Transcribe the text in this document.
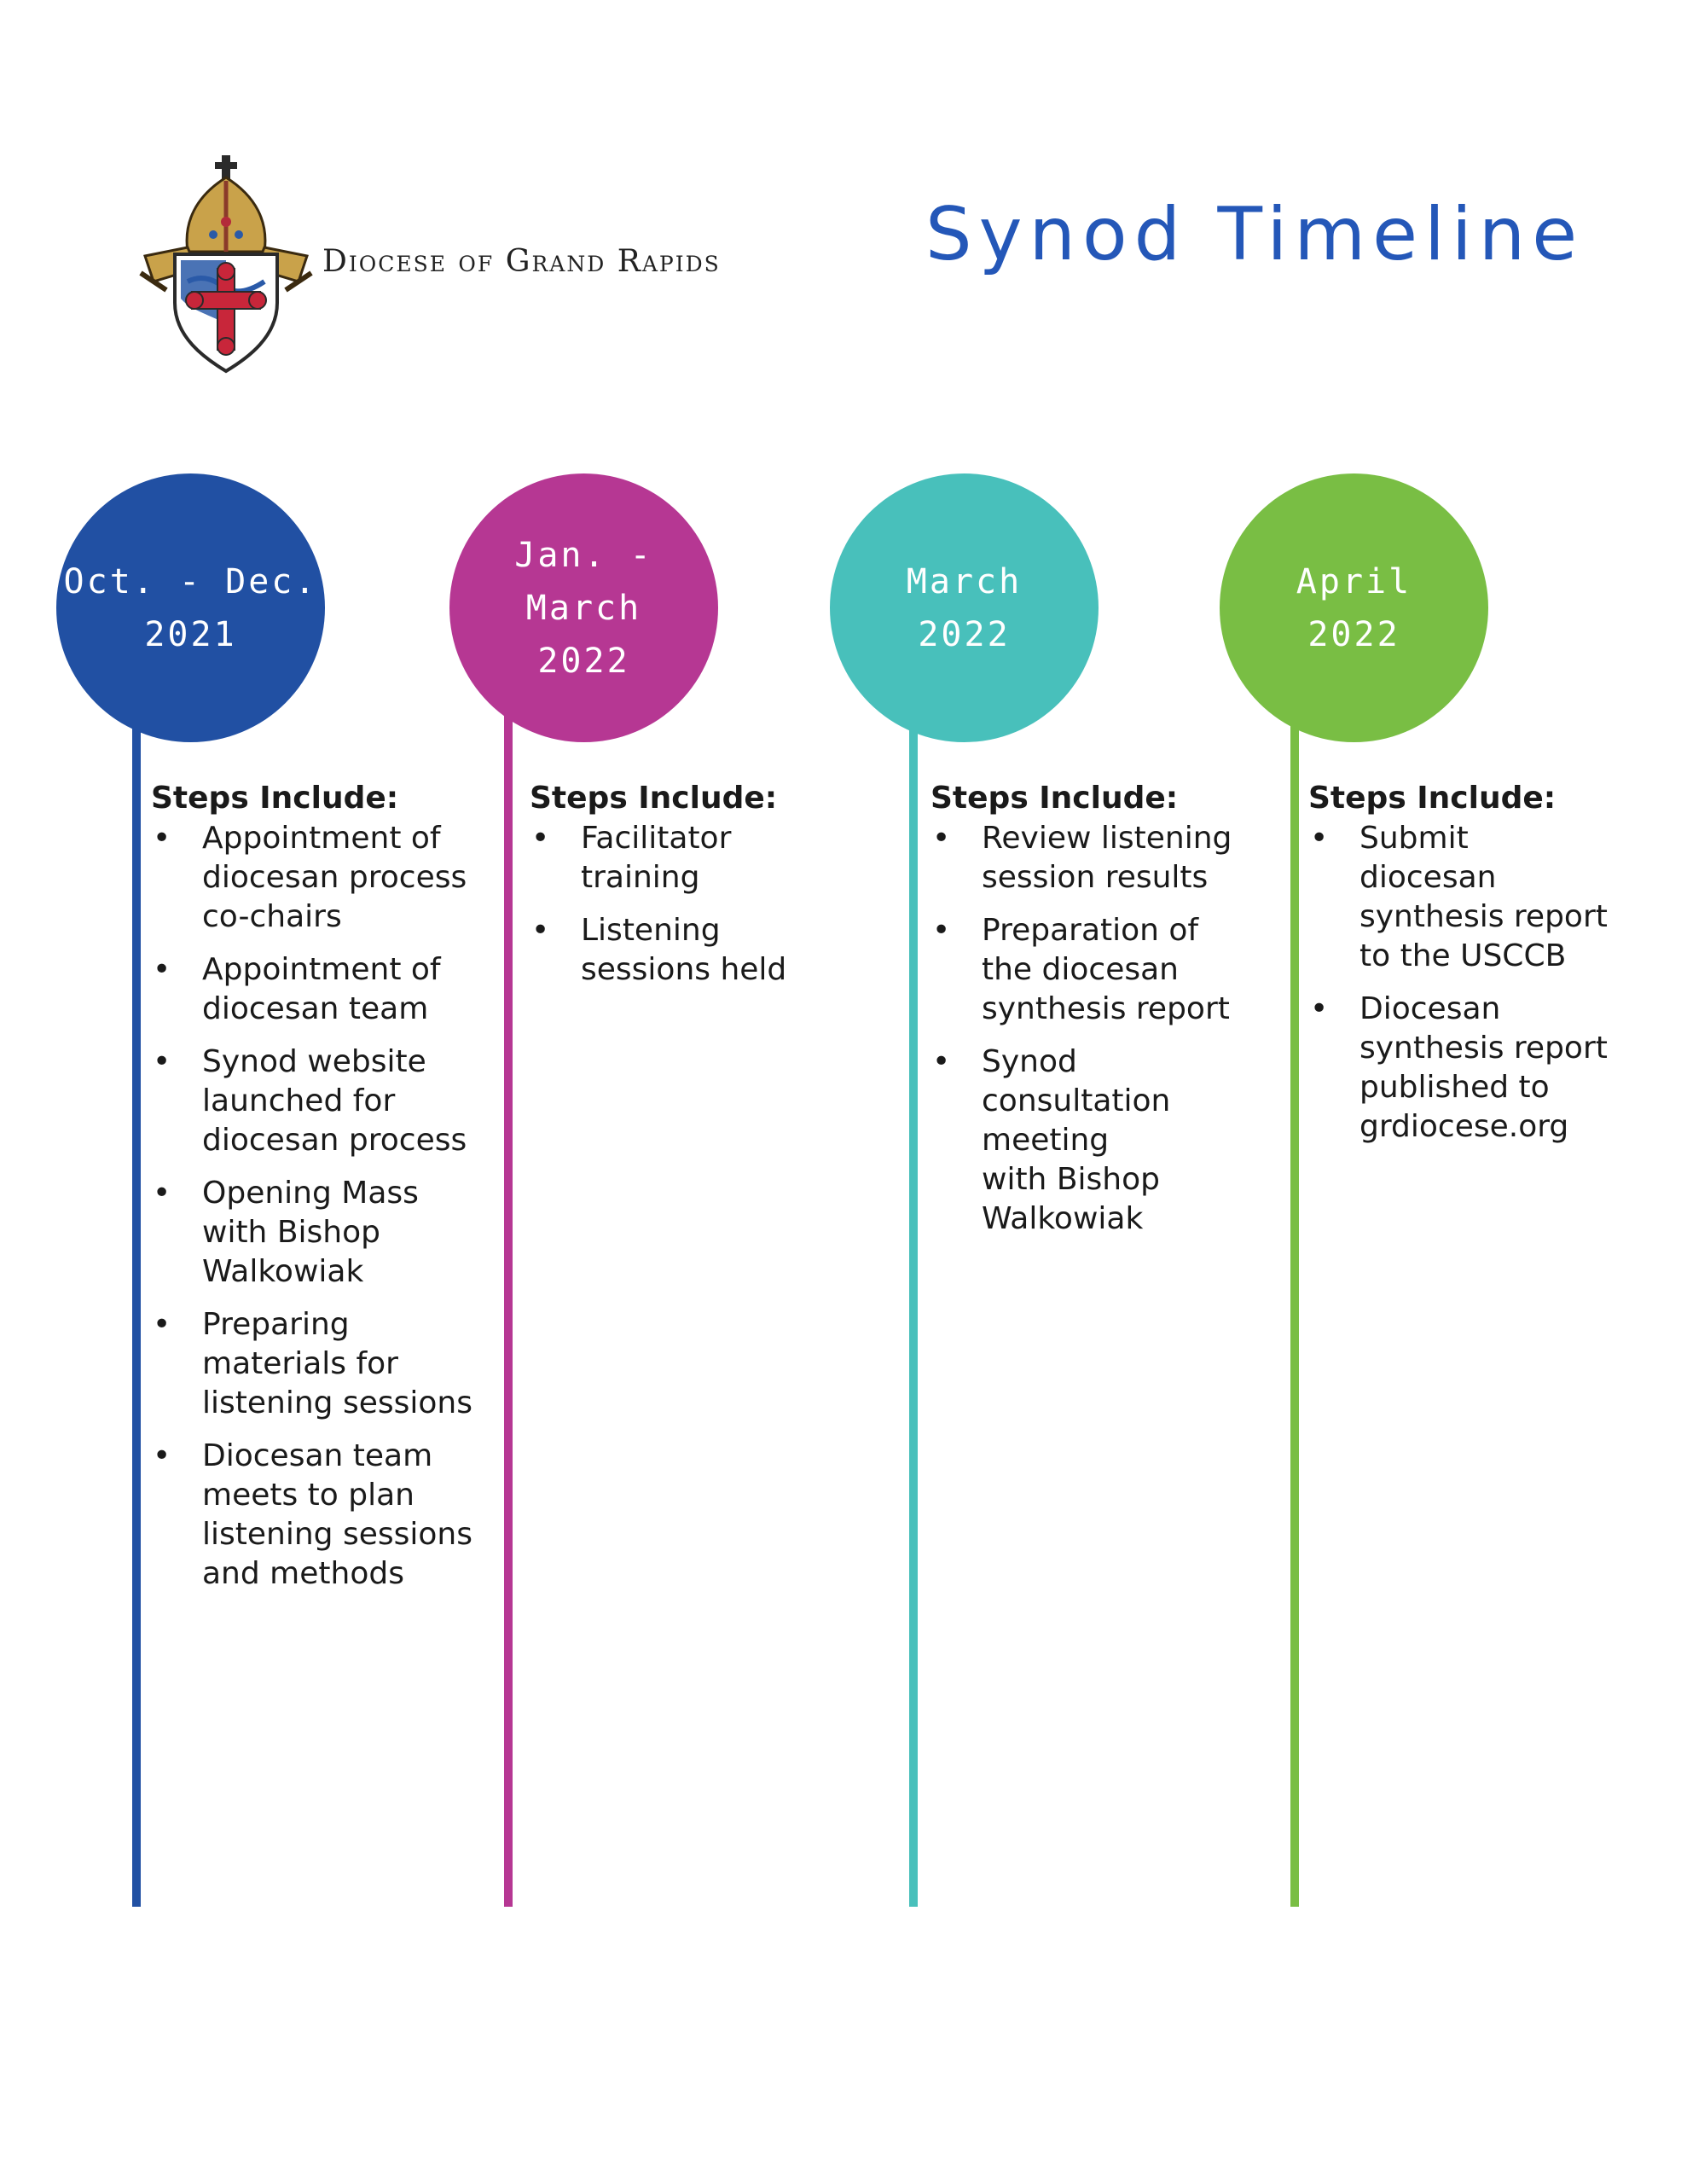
Diocese of Grand Rapids	Synod Timeline
Oct. - Dec.
2021
Steps Include:
• Appointment of
diocesan process
co-chairs
• Appointment of
diocesan team
• Synod website
launched for
diocesan process
• Opening Mass
with Bishop
Walkowiak
• Preparing
materials for
listening sessions
• Diocesan team
meets to plan
listening sessions
and methods
Jan. -
March
2022
Steps Include:
• Facilitator
training
• Listening
sessions held
March
2022
Steps Include:
• Review listening
session results
• Preparation of
the diocesan
synthesis report
• Synod
consultation
meeting
with Bishop
Walkowiak
April
2022
Steps Include:
• Submit
diocesan
synthesis report
to the USCCB
• Diocesan
synthesis report
published to
grdiocese.org
